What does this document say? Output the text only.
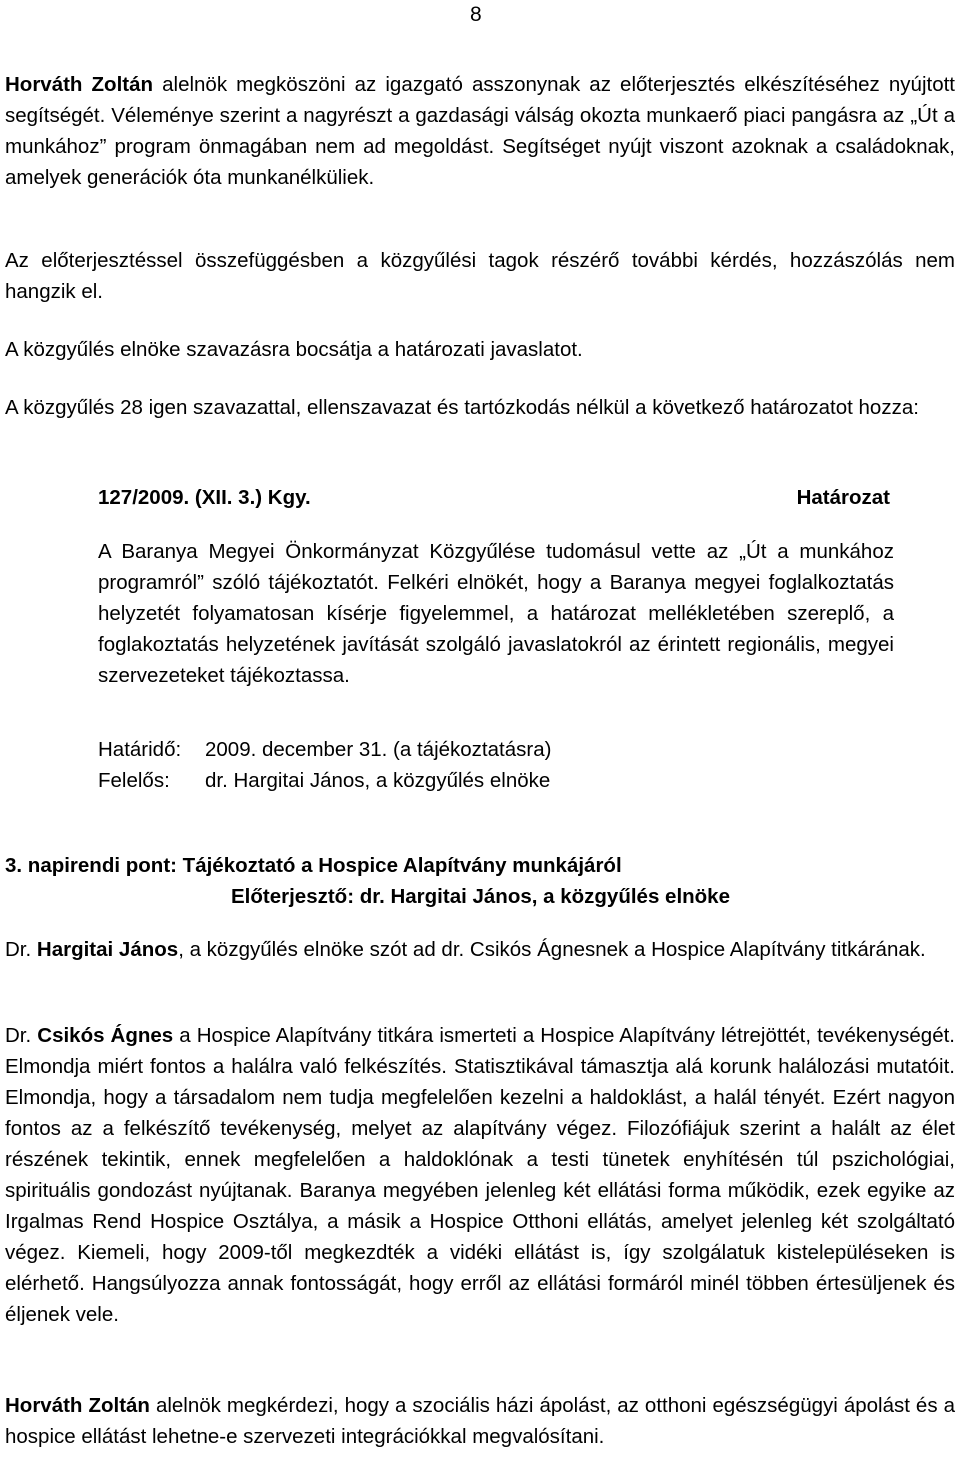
8

Horváth Zoltán alelnök megköszöni az igazgató asszonynak az előterjesztés elkészítéséhez nyújtott segítségét. Véleménye szerint a nagyrészt a gazdasági válság okozta munkaerő piaci pangásra az „Út a munkához” program önmagában nem ad megoldást. Segítséget nyújt viszont azoknak a családoknak, amelyek generációk óta munkanélküliek.

Az előterjesztéssel összefüggésben a közgyűlési tagok részérő további kérdés, hozzászólás nem hangzik el.

A közgyűlés elnöke szavazásra bocsátja a határozati javaslatot.

A közgyűlés 28 igen szavazattal, ellenszavazat és tartózkodás nélkül a következő határozatot hozza:

127/2009. (XII. 3.) Kgy.	Határozat

A Baranya Megyei Önkormányzat Közgyűlése tudomásul vette az „Út a munkához programról” szóló tájékoztatót. Felkéri elnökét, hogy a Baranya megyei foglalkoztatás helyzetét folyamatosan kísérje figyelemmel, a határozat mellékletében szereplő, a foglakoztatás helyzetének javítását szolgáló javaslatokról az érintett regionális, megyei szervezeteket tájékoztassa.

Határidő: 2009. december 31. (a tájékoztatásra)
Felelős: dr. Hargitai János, a közgyűlés elnöke
3. napirendi pont: Tájékoztató a Hospice Alapítvány munkájáról
Előterjesztő: dr. Hargitai János, a közgyűlés elnöke

Dr. Hargitai János, a közgyűlés elnöke szót ad dr. Csikós Ágnesnek a Hospice Alapítvány titkárának.

Dr. Csikós Ágnes a Hospice Alapítvány titkára ismerteti a Hospice Alapítvány létrejöttét, tevékenységét. Elmondja miért fontos a halálra való felkészítés. Statisztikával támasztja alá korunk halálozási mutatóit. Elmondja, hogy a társadalom nem tudja megfelelően kezelni a haldoklást, a halál tényét. Ezért nagyon fontos az a felkészítő tevékenység, melyet az alapítvány végez. Filozófiájuk szerint a halált az élet részének tekintik, ennek megfelelően a haldoklónak a testi tünetek enyhítésén túl pszichológiai, spirituális gondozást nyújtanak. Baranya megyében jelenleg két ellátási forma működik, ezek egyike az Irgalmas Rend Hospice Osztálya, a másik a Hospice Otthoni ellátás, amelyet jelenleg két szolgáltató végez. Kiemeli, hogy 2009-től megkezdték a vidéki ellátást is, így szolgálatuk kistelepüléseken is elérhető. Hangsúlyozza annak fontosságát, hogy erről az ellátási formáról minél többen értesüljenek és éljenek vele.

Horváth Zoltán alelnök megkérdezi, hogy a szociális házi ápolást, az otthoni egészségügyi ápolást és a hospice ellátást lehetne-e szervezeti integrációkkal megvalósítani.
